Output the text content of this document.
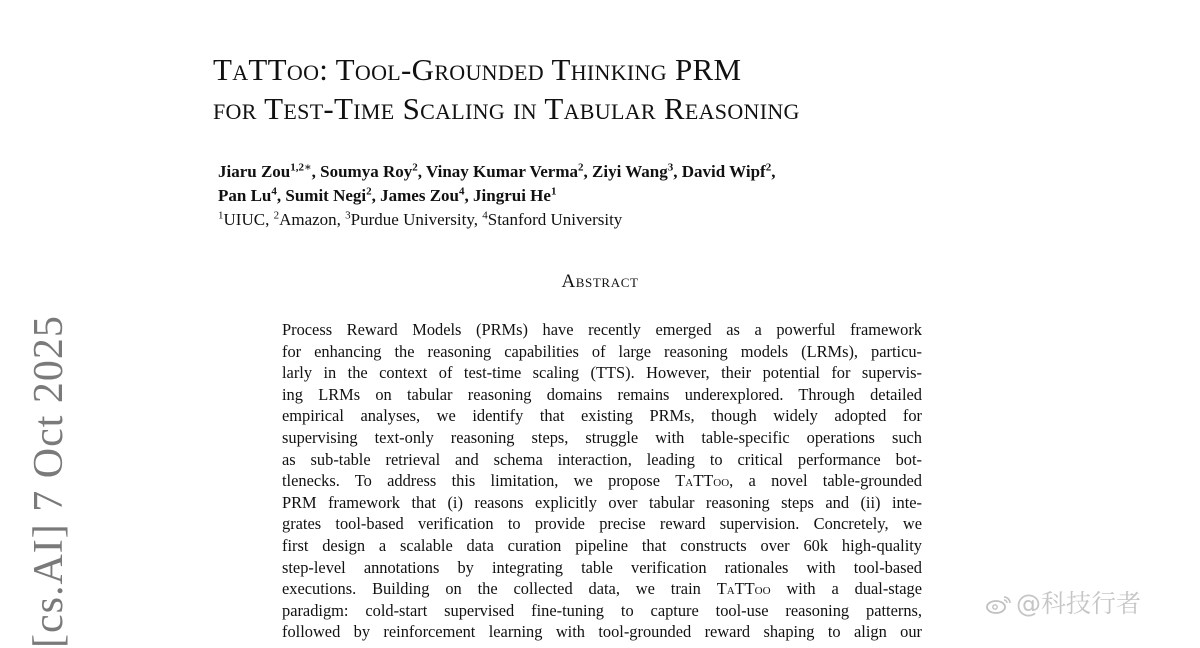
TaTToo: Tool-Grounded Thinking PRM
for Test-Time Scaling in Tabular Reasoning
Jiaru Zou$^{1,2∗}$, Soumya Roy$^2$, Vinay Kumar Verma$^2$, Ziyi Wang$^3$, David Wipf$^2$,
Pan Lu$^4$, Sumit Negi$^2$, James Zou$^4$, Jingrui He$^1$
$^1$UIUC, $^2$Amazon, $^3$Purdue University, $^4$Stanford University
Abstract
Process Reward Models (PRMs) have recently emerged as a powerful framework
for enhancing the reasoning capabilities of large reasoning models (LRMs), particu-
larly in the context of test-time scaling (TTS). However, their potential for supervis-
ing LRMs on tabular reasoning domains remains underexplored. Through detailed
empirical analyses, we identify that existing PRMs, though widely adopted for
supervising text-only reasoning steps, struggle with table-specific operations such
as sub-table retrieval and schema interaction, leading to critical performance bot-
tlenecks. To address this limitation, we propose TaTToo, a novel table-grounded
PRM framework that (i) reasons explicitly over tabular reasoning steps and (ii) inte-
grates tool-based verification to provide precise reward supervision. Concretely, we
first design a scalable data curation pipeline that constructs over 60k high-quality
step-level annotations by integrating table verification rationales with tool-based
executions. Building on the collected data, we train TaTToo with a dual-stage
paradigm: cold-start supervised fine-tuning to capture tool-use reasoning patterns,
followed by reinforcement learning with tool-grounded reward shaping to align our
[cs.AI] 7 Oct 2025	@科技行者
